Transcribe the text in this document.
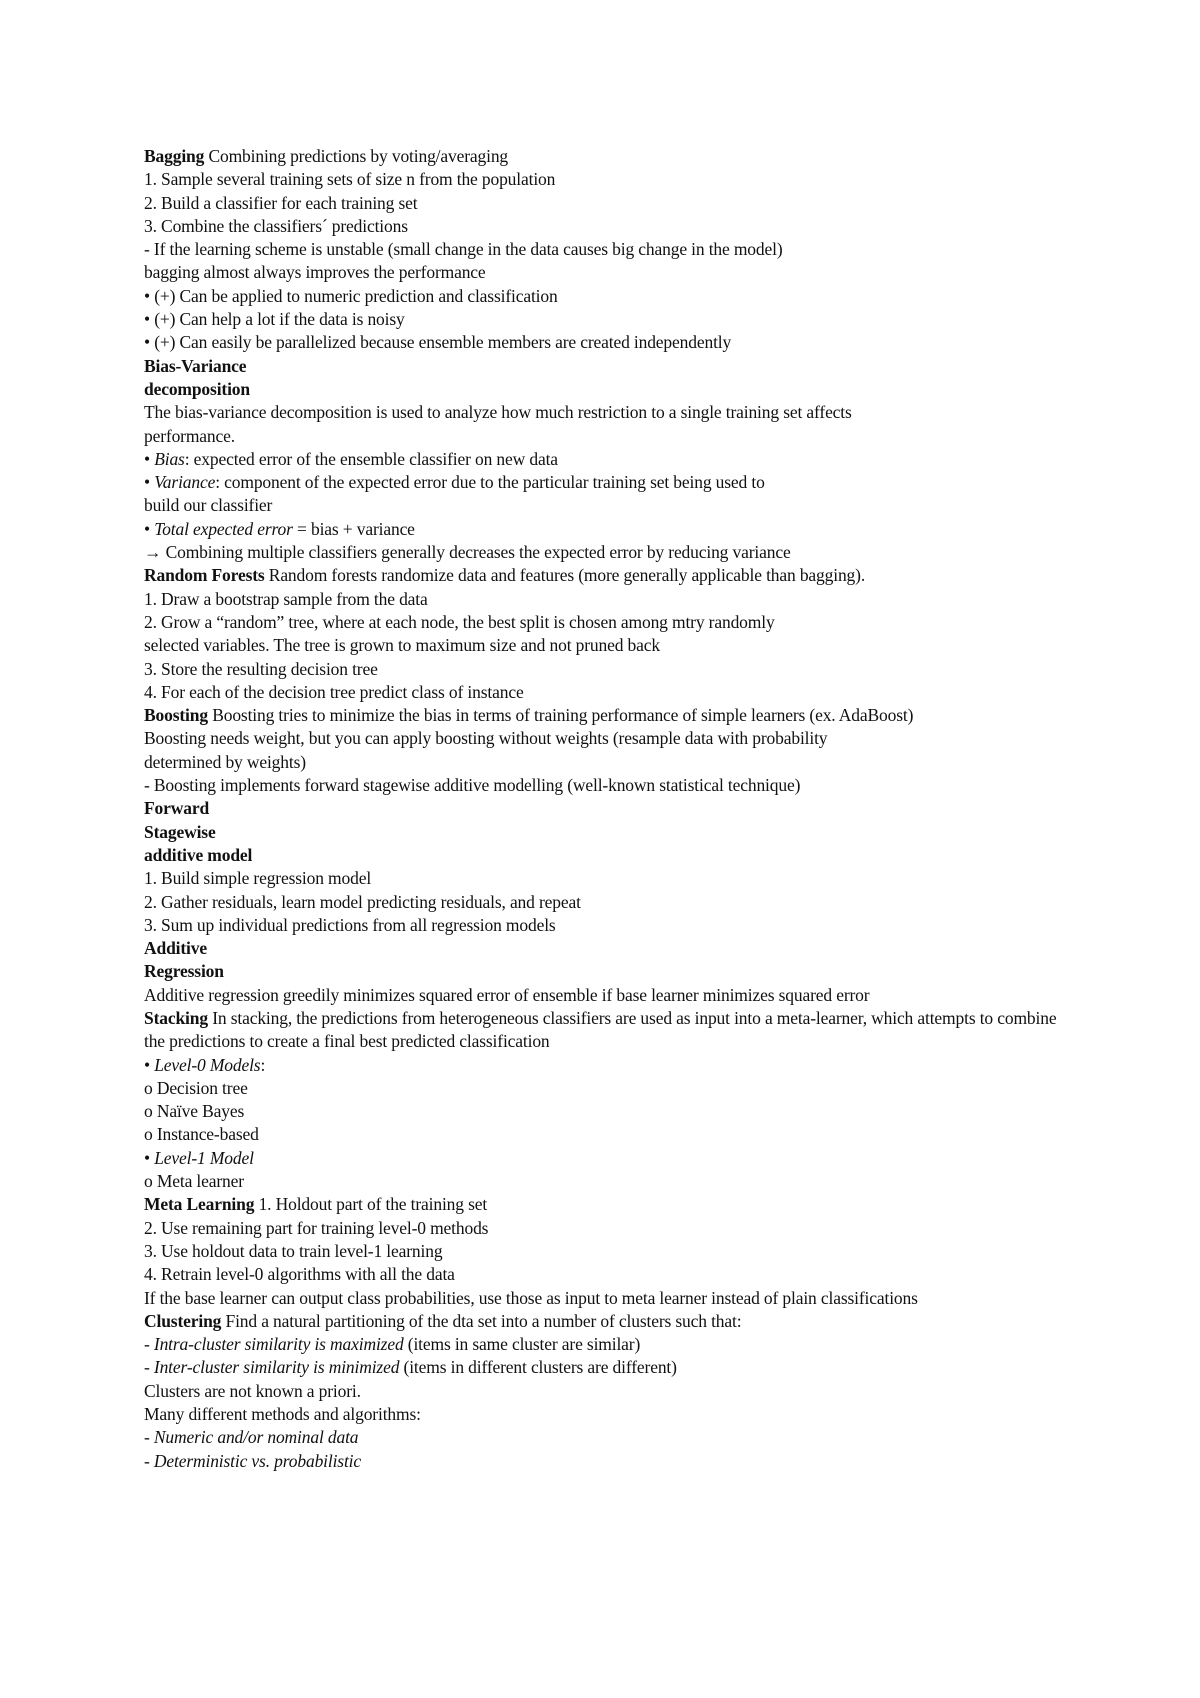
Bagging Combining predictions by voting/averaging
1. Sample several training sets of size n from the population
2. Build a classifier for each training set
3. Combine the classifiers´ predictions
- If the learning scheme is unstable (small change in the data causes big change in the model)
bagging almost always improves the performance
• (+) Can be applied to numeric prediction and classification
• (+) Can help a lot if the data is noisy
• (+) Can easily be parallelized because ensemble members are created independently
Bias-Variance
decomposition
The bias-variance decomposition is used to analyze how much restriction to a single training set affects performance.
• Bias: expected error of the ensemble classifier on new data
• Variance: component of the expected error due to the particular training set being used to
build our classifier
• Total expected error = bias + variance
→ Combining multiple classifiers generally decreases the expected error by reducing variance
Random Forests Random forests randomize data and features (more generally applicable than bagging).
1. Draw a bootstrap sample from the data
2. Grow a “random” tree, where at each node, the best split is chosen among mtry randomly
selected variables. The tree is grown to maximum size and not pruned back
3. Store the resulting decision tree
4. For each of the decision tree predict class of instance
Boosting Boosting tries to minimize the bias in terms of training performance of simple learners (ex. AdaBoost)
Boosting needs weight, but you can apply boosting without weights (resample data with probability determined by weights)
- Boosting implements forward stagewise additive modelling (well-known statistical technique)
Forward
Stagewise
additive model
1. Build simple regression model
2. Gather residuals, learn model predicting residuals, and repeat
3. Sum up individual predictions from all regression models
Additive
Regression
Additive regression greedily minimizes squared error of ensemble if base learner minimizes squared error
Stacking In stacking, the predictions from heterogeneous classifiers are used as input into a meta-learner, which attempts to combine the predictions to create a final best predicted classification
• Level-0 Models:
o Decision tree
o Naïve Bayes
o Instance-based
• Level-1 Model
o Meta learner
Meta Learning 1. Holdout part of the training set
2. Use remaining part for training level-0 methods
3. Use holdout data to train level-1 learning
4. Retrain level-0 algorithms with all the data
If the base learner can output class probabilities, use those as input to meta learner instead of plain classifications
Clustering Find a natural partitioning of the dta set into a number of clusters such that:
- Intra-cluster similarity is maximized (items in same cluster are similar)
- Inter-cluster similarity is minimized (items in different clusters are different)
Clusters are not known a priori.
Many different methods and algorithms:
- Numeric and/or nominal data
- Deterministic vs. probabilistic
